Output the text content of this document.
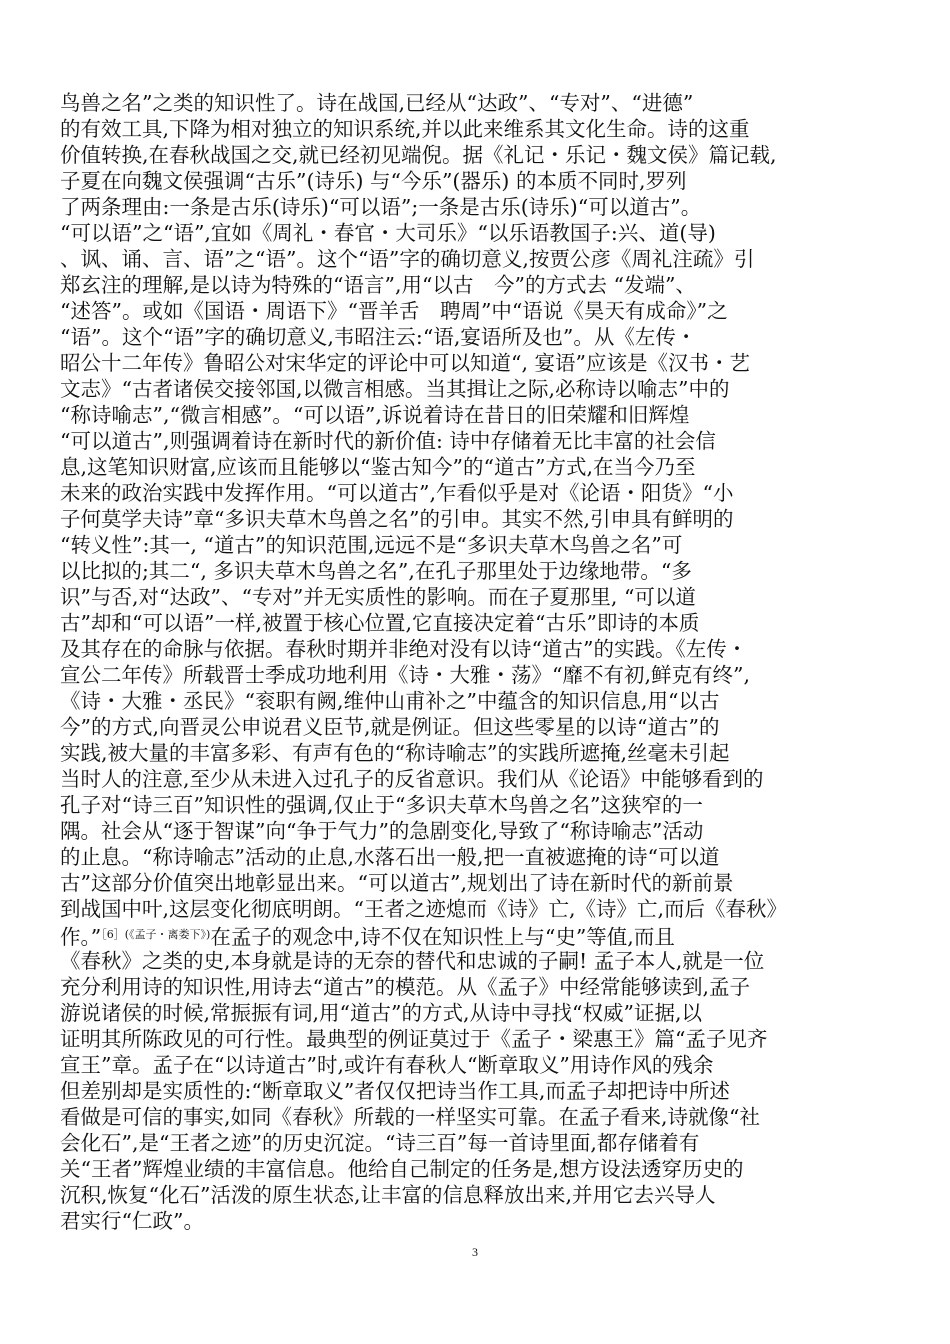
鸟兽之名”之类的知识性了。诗在战国,已经从“达政”、“专对”、“进德”
的有效工具,下降为相对独立的知识系统,并以此来维系其文化生命。诗的这重
价值转换,在春秋战国之交,就已经初见端倪。据《礼记・乐记・魏文侯》篇记载,
子夏在向魏文侯强调“古乐”(诗乐) 与“今乐”(器乐) 的本质不同时,罗列
了两条理由:一条是古乐(诗乐)“可以语”;一条是古乐(诗乐)“可以道古”。
“可以语”之“语”,宜如《周礼・春官・大司乐》“以乐语教国子:兴、道(导)
、讽、诵、言、语”之“语”。这个“语”字的确切意义,按贾公彦《周礼注疏》引
郑玄注的理解,是以诗为特殊的“语言”,用“以古　今”的方式去 “发端”、
“述答”。或如《国语・周语下》“晋羊舌　聘周”中“语说《昊天有成命》”之
“语”。这个“语”字的确切意义,韦昭注云:“语,宴语所及也”。从《左传・
昭公十二年传》鲁昭公对宋华定的评论中可以知道“, 宴语”应该是《汉书・艺
文志》“古者诸侯交接邻国,以微言相感。当其揖让之际,必称诗以喻志”中的
“称诗喻志”,“微言相感”。“可以语”,诉说着诗在昔日的旧荣耀和旧辉煌
“可以道古”,则强调着诗在新时代的新价值: 诗中存储着无比丰富的社会信
息,这笔知识财富,应该而且能够以“鉴古知今”的“道古”方式,在当今乃至
未来的政治实践中发挥作用。“可以道古”,乍看似乎是对《论语・阳货》“小
子何莫学夫诗”章“多识夫草木鸟兽之名”的引申。其实不然,引申具有鲜明的
“转义性”:其一, “道古”的知识范围,远远不是“多识夫草木鸟兽之名”可
以比拟的;其二“, 多识夫草木鸟兽之名”,在孔子那里处于边缘地带。“多
识”与否,对“达政”、“专对”并无实质性的影响。而在子夏那里, “可以道
古”却和“可以语”一样,被置于核心位置,它直接决定着“古乐”即诗的本质
及其存在的命脉与依据。春秋时期并非绝对没有以诗“道古”的实践。《左传・
宣公二年传》所载晋士季成功地利用《诗・大雅・荡》“靡不有初,鲜克有终”,
《诗・大雅・丞民》“衮职有阙,维仲山甫补之”中蕴含的知识信息,用“以古
今”的方式,向晋灵公申说君义臣节,就是例证。但这些零星的以诗“道古”的
实践,被大量的丰富多彩、有声有色的“称诗喻志”的实践所遮掩,丝毫未引起
当时人的注意,至少从未进入过孔子的反省意识。我们从《论语》中能够看到的
孔子对“诗三百”知识性的强调,仅止于“多识夫草木鸟兽之名”这狭窄的一
隅。社会从“逐于智谋”向“争于气力”的急剧变化,导致了“称诗喻志”活动
的止息。“称诗喻志”活动的止息,水落石出一般,把一直被遮掩的诗“可以道
古”这部分价值突出地彰显出来。“可以道古”,规划出了诗在新时代的新前景
到战国中叶,这层变化彻底明朗。“王者之迹熄而《诗》亡,《诗》亡,而后《春秋》
作。”$^{[6](《孟子・离娄下》)}$在孟子的观念中,诗不仅在知识性上与“史”等值,而且
《春秋》之类的史,本身就是诗的无奈的替代和忠诚的子嗣! 孟子本人,就是一位
充分利用诗的知识性,用诗去“道古”的模范。从《孟子》中经常能够读到,孟子
游说诸侯的时候,常振振有词,用“道古”的方式,从诗中寻找“权威”证据,以
证明其所陈政见的可行性。最典型的例证莫过于《孟子・梁惠王》篇“孟子见齐
宣王”章。孟子在“以诗道古”时,或许有春秋人“断章取义”用诗作风的残余
但差别却是实质性的:“断章取义”者仅仅把诗当作工具,而孟子却把诗中所述
看做是可信的事实,如同《春秋》所载的一样坚实可靠。在孟子看来,诗就像“社
会化石”,是“王者之迹”的历史沉淀。“诗三百”每一首诗里面,都存储着有
关“王者”辉煌业绩的丰富信息。他给自己制定的任务是,想方设法透穿历史的
沉积,恢复“化石”活泼的原生状态,让丰富的信息释放出来,并用它去兴导人
君实行“仁政”。
3
